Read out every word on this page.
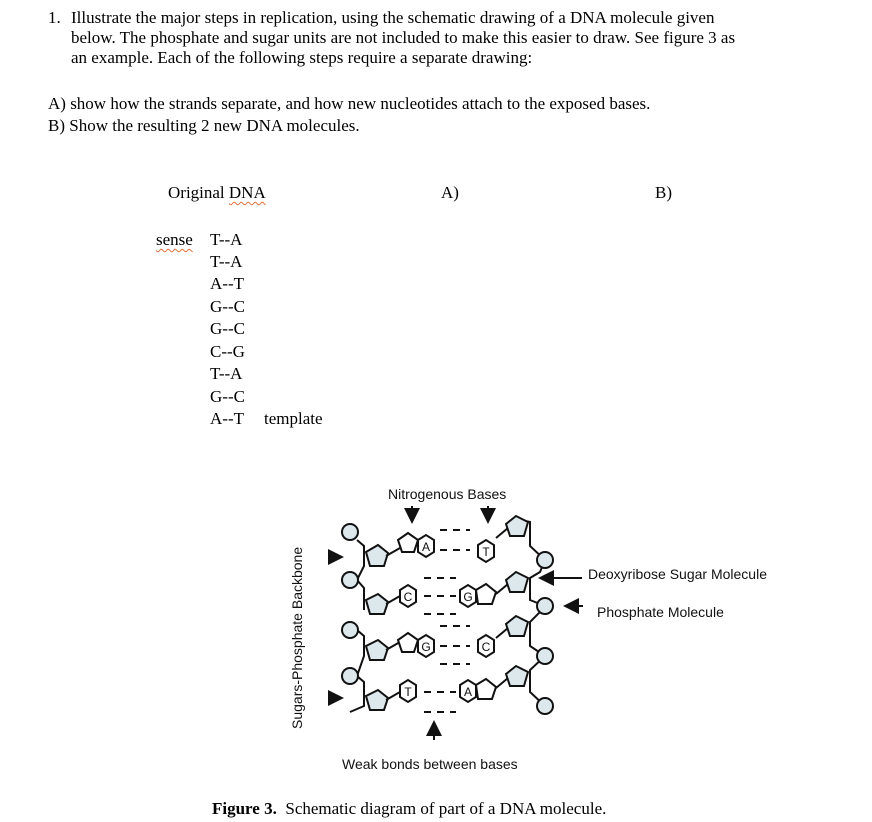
1. Illustrate the major steps in replication, using the schematic drawing of a DNA molecule given
below. The phosphate and sugar units are not included to make this easier to draw. See figure 3 as
an example. Each of the following steps require a separate drawing:
A) show how the strands separate, and how new nucleotides attach to the exposed bases.
B) Show the resulting 2 new DNA molecules.
Original DNA	A)	B)
sense	T--A
T--A
A--T
G--C
G--C
C--G
T--A
G--C
A--T template
Nitrogenous Bases
Deoxyribose Sugar Molecule
Phosphate Molecule
Weak bonds between bases
Sugars-Phosphate Backbone	A	T
C	G
G	C
T	A
Figure 3.  Schematic diagram of part of a DNA molecule.
